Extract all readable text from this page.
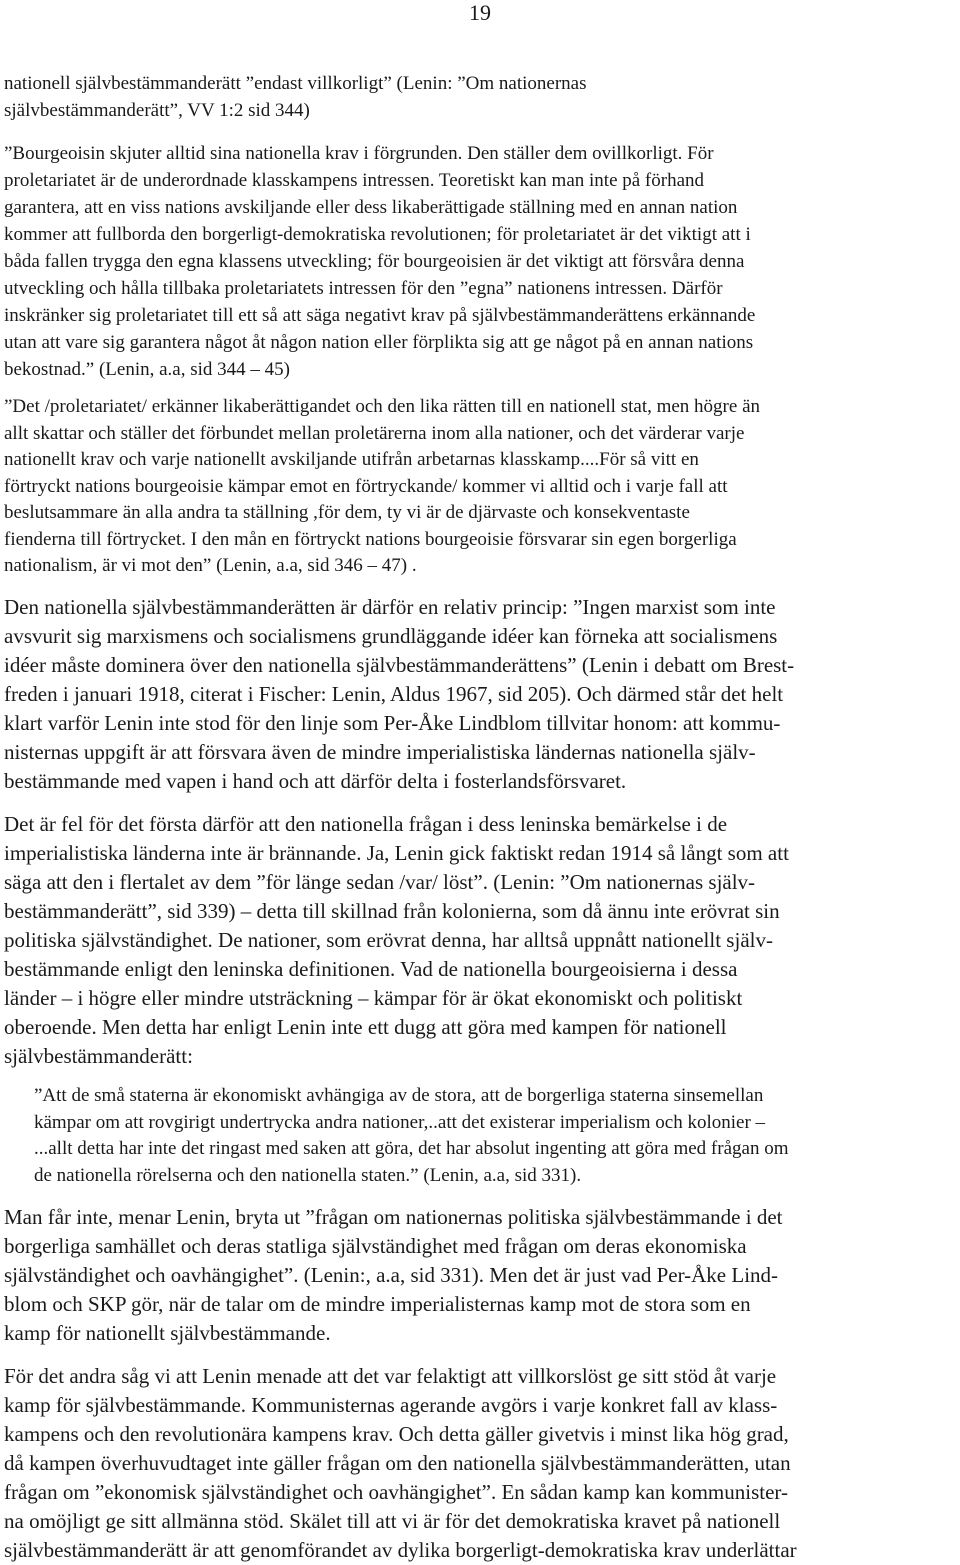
19
nationell självbestämmanderätt ”endast villkorligt” (Lenin: ”Om nationernas
självbestämmanderätt”, VV 1:2 sid 344)
”Bourgeoisin skjuter alltid sina nationella krav i förgrunden. Den ställer dem ovillkorligt. För
proletariatet är de underordnade klasskampens intressen. Teoretiskt kan man inte på förhand
garantera, att en viss nations avskiljande eller dess likaberättigade ställning med en annan nation
kommer att fullborda den borgerligt-demokratiska revolutionen; för proletariatet är det viktigt att i
båda fallen trygga den egna klassens utveckling; för bourgeoisien är det viktigt att försvåra denna
utveckling och hålla tillbaka proletariatets intressen för den ”egna” nationens intressen. Därför
inskränker sig proletariatet till ett så att säga negativt krav på självbestämmanderättens erkännande
utan att vare sig garantera något åt någon nation eller förplikta sig att ge något på en annan nations
bekostnad.” (Lenin, a.a, sid 344 – 45)
”Det /proletariatet/ erkänner likaberättigandet och den lika rätten till en nationell stat, men högre än
allt skattar och ställer det förbundet mellan proletärerna inom alla nationer, och det värderar varje
nationellt krav och varje nationellt avskiljande utifrån arbetarnas klasskamp....För så vitt en
förtryckt nations bourgeoisie kämpar emot en förtryckande/ kommer vi alltid och i varje fall att
beslutsammare än alla andra ta ställning ,för dem, ty vi är de djärvaste och konsekventaste
fienderna till förtrycket. I den mån en förtryckt nations bourgeoisie försvarar sin egen borgerliga
nationalism, är vi mot den” (Lenin, a.a, sid 346 – 47) .
Den nationella självbestämmanderätten är därför en relativ princip: ”Ingen marxist som inte
avsvurit sig marxismens och socialismens grundläggande idéer kan förneka att socialismens
idéer måste dominera över den nationella självbestämmanderättens” (Lenin i debatt om Brest-
freden i januari 1918, citerat i Fischer: Lenin, Aldus 1967, sid 205). Och därmed står det helt
klart varför Lenin inte stod för den linje som Per-Åke Lindblom tillvitar honom: att kommu-
nisternas uppgift är att försvara även de mindre imperialistiska ländernas nationella själv-
bestämmande med vapen i hand och att därför delta i fosterlandsförsvaret.
Det är fel för det första därför att den nationella frågan i dess leninska bemärkelse i de
imperialistiska länderna inte är brännande. Ja, Lenin gick faktiskt redan 1914 så långt som att
säga att den i flertalet av dem ”för länge sedan /var/ löst”. (Lenin: ”Om nationernas själv-
bestämmanderätt”, sid 339) – detta till skillnad från kolonierna, som då ännu inte erövrat sin
politiska självständighet. De nationer, som erövrat denna, har alltså uppnått nationellt själv-
bestämmande enligt den leninska definitionen. Vad de nationella bourgeoisierna i dessa
länder – i högre eller mindre utsträckning – kämpar för är ökat ekonomiskt och politiskt
oberoende. Men detta har enligt Lenin inte ett dugg att göra med kampen för nationell
självbestämmanderätt:
”Att de små staterna är ekonomiskt avhängiga av de stora, att de borgerliga staterna sinsemellan
kämpar om att rovgirigt undertrycka andra nationer,..att det existerar imperialism och kolonier –
...allt detta har inte det ringast med saken att göra, det har absolut ingenting att göra med frågan om
de nationella rörelserna och den nationella staten.” (Lenin, a.a, sid 331).
Man får inte, menar Lenin, bryta ut ”frågan om nationernas politiska självbestämmande i det
borgerliga samhället och deras statliga självständighet med frågan om deras ekonomiska
självständighet och oavhängighet”. (Lenin:, a.a, sid 331). Men det är just vad Per-Åke Lind-
blom och SKP gör, när de talar om de mindre imperialisternas kamp mot de stora som en
kamp för nationellt självbestämmande.
För det andra såg vi att Lenin menade att det var felaktigt att villkorslöst ge sitt stöd åt varje
kamp för självbestämmande. Kommunisternas agerande avgörs i varje konkret fall av klass-
kampens och den revolutionära kampens krav. Och detta gäller givetvis i minst lika hög grad,
då kampen överhuvudtaget inte gäller frågan om den nationella självbestämmanderätten, utan
frågan om ”ekonomisk självständighet och oavhängighet”. En sådan kamp kan kommunister-
na omöjligt ge sitt allmänna stöd. Skälet till att vi är för det demokratiska kravet på nationell
självbestämmanderätt är att genomförandet av dylika borgerligt-demokratiska krav underlättar
